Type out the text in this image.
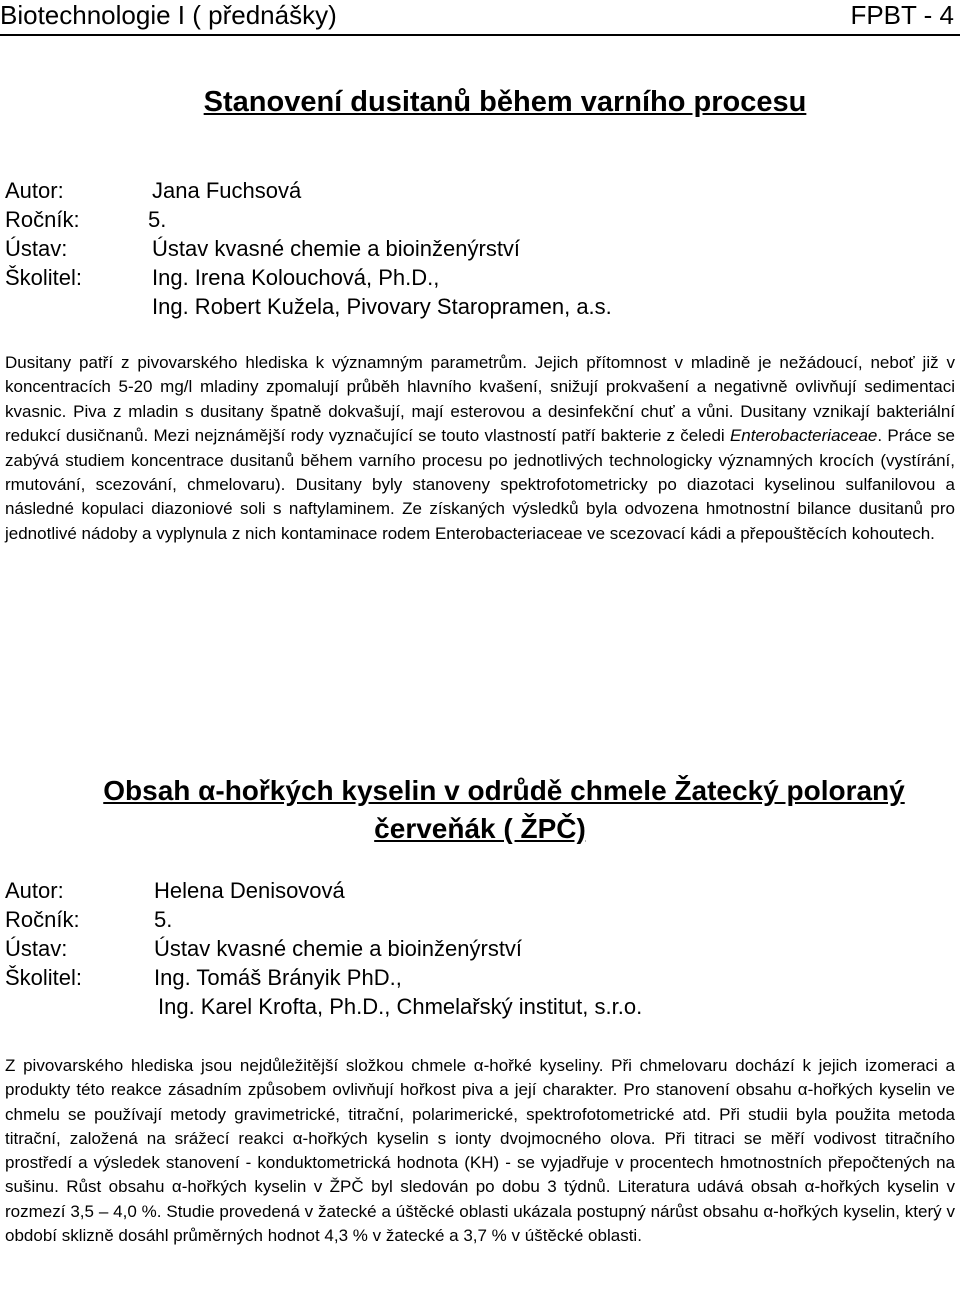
Biotechnologie I ( přednášky)	FPBT - 4
Stanovení dusitanů během varního procesu
Autor:	Jana Fuchsová
Ročník:	5.
Ústav:	Ústav kvasné chemie a bioinženýrství
Školitel:	Ing. Irena Kolouchová, Ph.D.,
Ing. Robert Kužela, Pivovary Staropramen, a.s.

Dusitany patří z pivovarského hlediska k významným parametrům. Jejich přítomnost v mladině je nežádoucí, neboť již v koncentracích 5-20 mg/l mladiny zpomalují průběh hlavního kvašení, snižují prokvašení a negativně ovlivňují sedimentaci kvasnic. Piva z mladin s dusitany špatně dokvašují, mají esterovou a desinfekční chuť a vůni. Dusitany vznikají bakteriální redukcí dusičnanů. Mezi nejznámější rody vyznačující se touto vlastností patří bakterie z čeledi Enterobacteriaceae. Práce se zabývá studiem koncentrace dusitanů během varního procesu po jednotlivých technologicky významných krocích (vystírání, rmutování, scezování, chmelovaru). Dusitany byly stanoveny spektrofotometricky po diazotaci kyselinou sulfanilovou a následné kopulaci diazoniové soli s naftylaminem. Ze získaných výsledků byla odvozena hmotnostní bilance dusitanů pro jednotlivé nádoby a vyplynula z nich kontaminace rodem Enterobacteriaceae ve scezovací kádi a přepouštěcích kohoutech.

Obsah α-hořkých kyselin v odrůdě chmele Žatecký poloraný
červeňák ( ŽPČ)
Autor:	Helena Denisovová
Ročník:	5.
Ústav:	Ústav kvasné chemie a bioinženýrství
Školitel:	Ing. Tomáš Brányik PhD.,
Ing. Karel Krofta, Ph.D., Chmelařský institut, s.r.o.

Z pivovarského hlediska jsou nejdůležitější složkou chmele α-hořké kyseliny. Při chmelovaru dochází k jejich izomeraci a produkty této reakce zásadním způsobem ovlivňují hořkost piva a její charakter. Pro stanovení obsahu α-hořkých kyselin ve chmelu se používají metody gravimetrické, titrační, polarimerické, spektrofotometrické atd. Při studii byla použita metoda titrační, založená na srážecí reakci α-hořkých kyselin s ionty dvojmocného olova. Při titraci se měří vodivost titračního prostředí a výsledek stanovení - konduktometrická hodnota (KH) - se vyjadřuje v procentech hmotnostních přepočtených na sušinu. Růst obsahu α-hořkých kyselin v ŽPČ byl sledován po dobu 3 týdnů. Literatura udává obsah α-hořkých kyselin v rozmezí 3,5 – 4,0 %. Studie provedená v žatecké a úštěcké oblasti ukázala postupný nárůst obsahu α-hořkých kyselin, který v období sklizně dosáhl průměrných hodnot 4,3 % v žatecké a 3,7 % v úštěcké oblasti.
